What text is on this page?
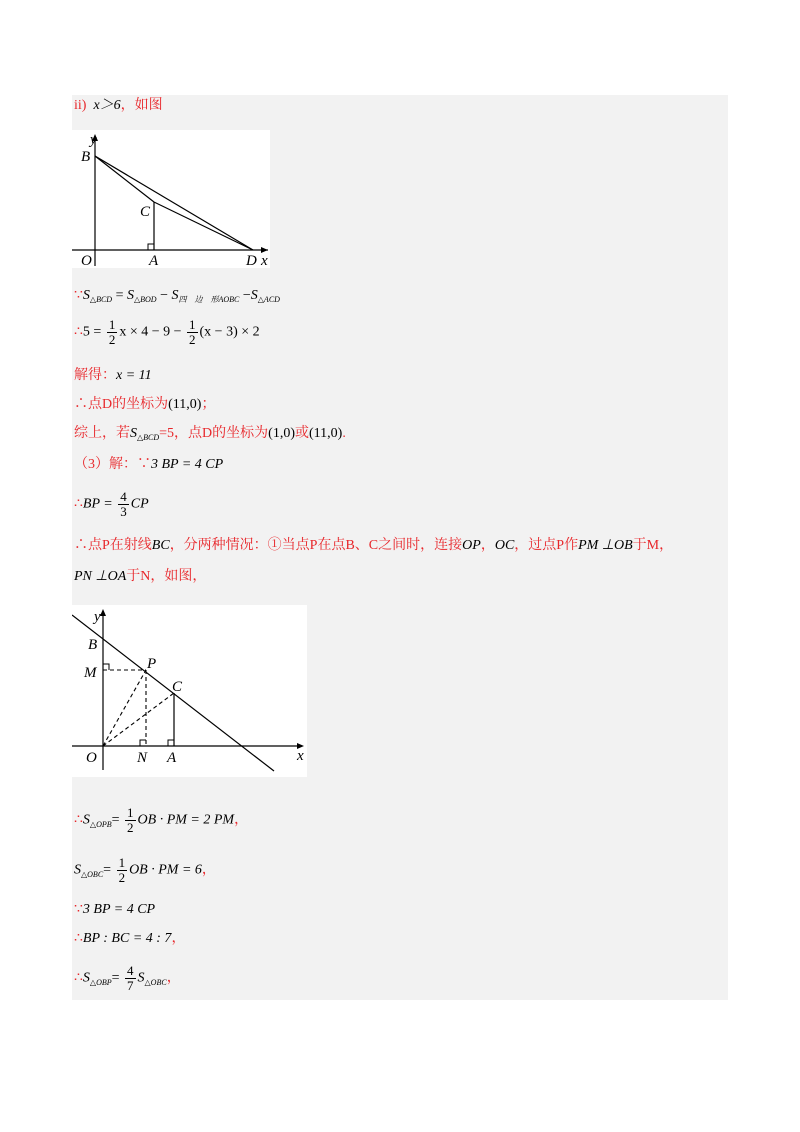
ii) x＞6，如图
y
B
C
O	A	D x
$\because S_{\triangle BCD} = S_{\triangle BOD} - S_{四 边 形AOBC} -S_{\triangle ACD}$
∴5 = $\frac{1}{2}$ $x \times 4 - 9 - \frac{1}{2} (x - 3) \times 2$
解得：x = 11
∴点D的坐标为(11,0)；
综上，若$S_{\triangle BCD}=5$，点D的坐标为(1,0)或(11,0).
（3）解：∵3 BP = 4 CP
∴BP = $\frac{4}{3}$ CP
∴点P在射线BC，分两种情况：①当点P在点B、C之间时，连接OP，OC，过点P作PM ⊥OB于M，
PN ⊥OA于N，如图，
y
B
M
P
C
O	N A	x
$\therefore S_{\triangle OPB}= \frac{1}{2}$ OB · PM = 2 PM，
$S_{\triangle OBC}= \frac{1}{2}$ OB · PM = 6，
∵3 BP = 4 CP
∴BP : BC = 4 : 7，
$\therefore S_{\triangle OBP}= \frac{4}{7} S_{\triangle OBC}$，
